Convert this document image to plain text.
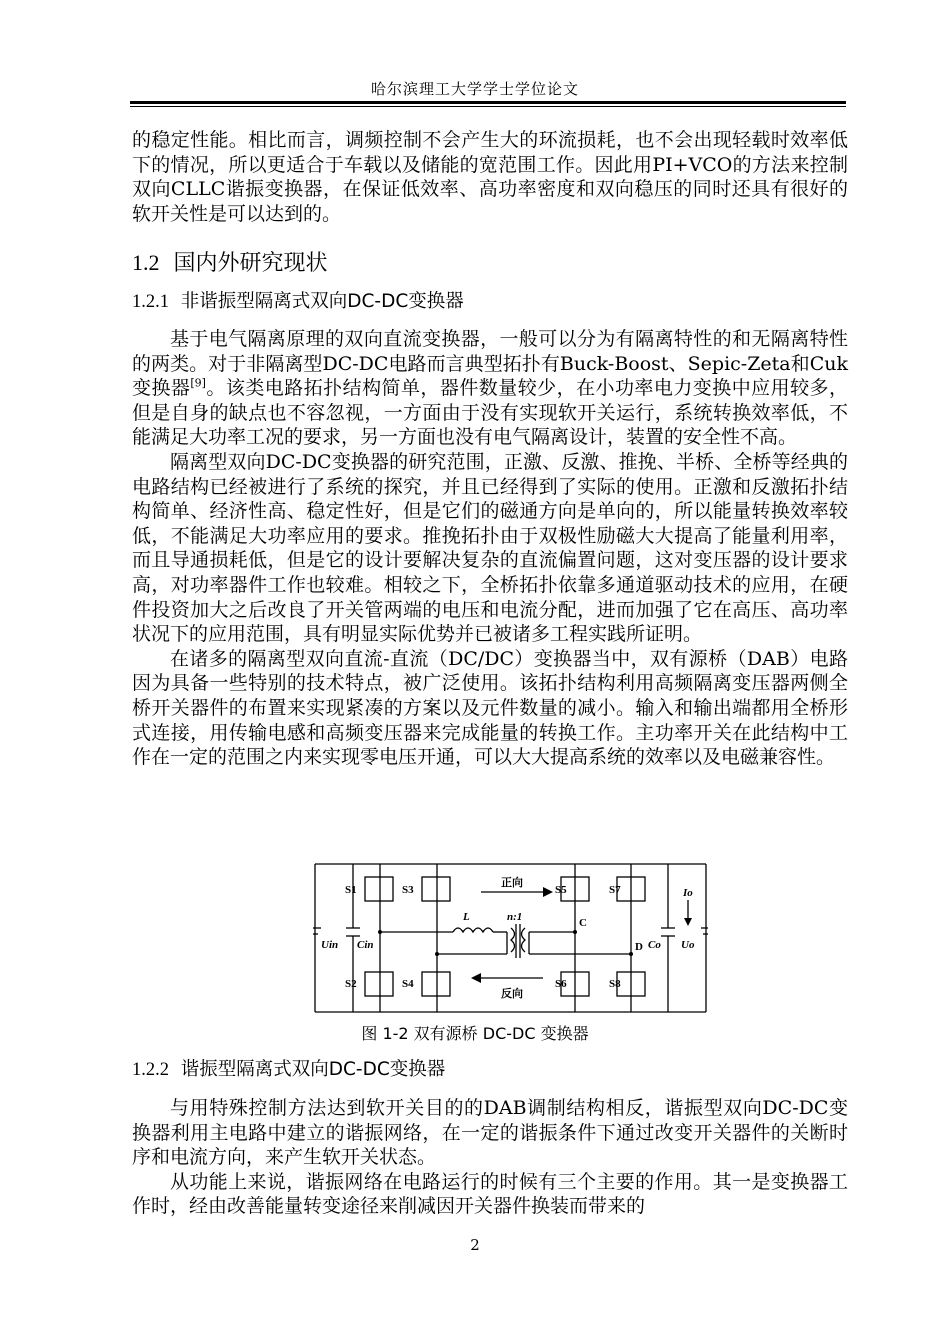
哈尔滨理工大学学士学位论文

的稳定性能。相比而言，调频控制不会产生大的环流损耗，也不会出现轻载时效率低下的情况，所以更适合于车载以及储能的宽范围工作。因此用PI+VCO的方法来控制双向CLLC谐振变换器，在保证低效率、高功率密度和双向稳压的同时还具有很好的软开关性是可以达到的。

1.2 国内外研究现状

1.2.1 非谐振型隔离式双向DC-DC变换器

基于电气隔离原理的双向直流变换器，一般可以分为有隔离特性的和无隔离特性的两类。对于非隔离型DC-DC电路而言典型拓扑有Buck-Boost、Sepic-Zeta和Cuk变换器[9]。该类电路拓扑结构简单，器件数量较少，在小功率电力变换中应用较多，但是自身的缺点也不容忽视，一方面由于没有实现软开关运行，系统转换效率低，不能满足大功率工况的要求，另一方面也没有电气隔离设计，装置的安全性不高。

隔离型双向DC-DC变换器的研究范围，正激、反激、推挽、半桥、全桥等经典的电路结构已经被进行了系统的探究，并且已经得到了实际的使用。正激和反激拓扑结构简单、经济性高、稳定性好，但是它们的磁通方向是单向的，所以能量转换效率较低，不能满足大功率应用的要求。推挽拓扑由于双极性励磁大大提高了能量利用率，而且导通损耗低，但是它的设计要解决复杂的直流偏置问题，这对变压器的设计要求高，对功率器件工作也较难。相较之下，全桥拓扑依靠多通道驱动技术的应用，在硬件投资加大之后改良了开关管两端的电压和电流分配，进而加强了它在高压、高功率状况下的应用范围，具有明显实际优势并已被诸多工程实践所证明。

在诸多的隔离型双向直流-直流（DC/DC）变换器当中，双有源桥（DAB）电路因为具备一些特别的技术特点，被广泛使用。该拓扑结构利用高频隔离变压器两侧全桥开关器件的布置来实现紧凑的方案以及元件数量的减小。输入和输出端都用全桥形式连接，用传输电感和高频变压器来完成能量的转换工作。主功率开关在此结构中工作在一定的范围之内来实现零电压开通，可以大大提高系统的效率以及电磁兼容性。

S1	S3	S5	S7
S2	S4	S6	S8
正向
反向
L	n:1
Uin Cin	Co Uo
Io
C
D
图 1-2 双有源桥 DC-DC 变换器

1.2.2 谐振型隔离式双向DC-DC变换器

与用特殊控制方法达到软开关目的的DAB调制结构相反，谐振型双向DC-DC变换器利用主电路中建立的谐振网络，在一定的谐振条件下通过改变开关器件的关断时序和电流方向，来产生软开关状态。

从功能上来说，谐振网络在电路运行的时候有三个主要的作用。其一是变换器工作时，经由改善能量转变途径来削减因开关器件换装而带来的

2
